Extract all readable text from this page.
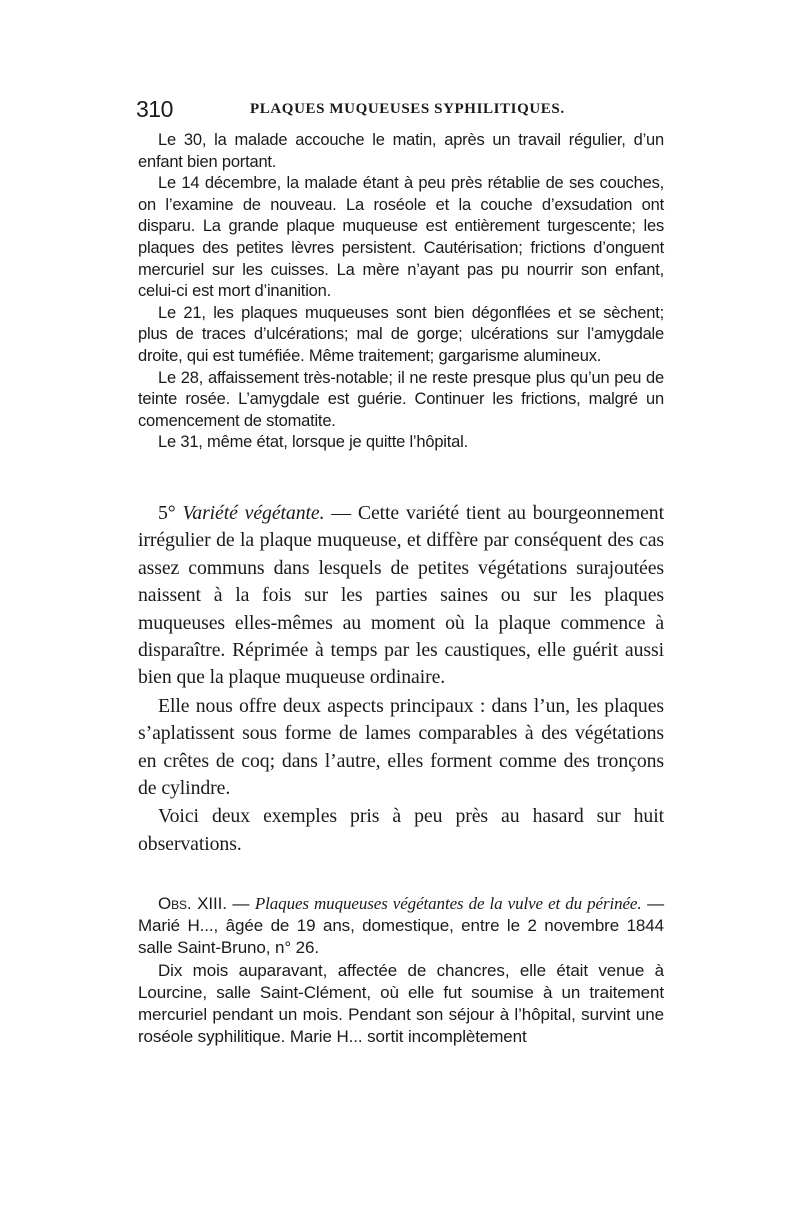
310	PLAQUES MUQUEUSES SYPHILITIQUES.

Le 30, la malade accouche le matin, après un travail régulier, d’un enfant bien portant.

Le 14 décembre, la malade étant à peu près rétablie de ses couches, on l’examine de nouveau. La roséole et la couche d’exsudation ont disparu. La grande plaque muqueuse est entièrement turgescente; les plaques des petites lèvres persistent. Cautérisation; frictions d’onguent mercuriel sur les cuisses. La mère n’ayant pas pu nourrir son enfant, celui-ci est mort d’inanition.

Le 21, les plaques muqueuses sont bien dégonflées et se sèchent; plus de traces d’ulcérations; mal de gorge; ulcérations sur l’amygdale droite, qui est tuméfiée. Même traitement; gargarisme alumineux.

Le 28, affaissement très-notable; il ne reste presque plus qu’un peu de teinte rosée. L’amygdale est guérie. Continuer les frictions, malgré un comencement de stomatite.

Le 31, même état, lorsque je quitte l’hôpital.

5° Variété végétante. — Cette variété tient au bourgeonnement irrégulier de la plaque muqueuse, et diffère par conséquent des cas assez communs dans lesquels de petites végétations surajoutées naissent à la fois sur les parties saines ou sur les plaques muqueuses elles-mêmes au moment où la plaque commence à disparaître. Réprimée à temps par les caustiques, elle guérit aussi bien que la plaque muqueuse ordinaire.

Elle nous offre deux aspects principaux : dans l’un, les plaques s’aplatissent sous forme de lames comparables à des végétations en crêtes de coq; dans l’autre, elles forment comme des tronçons de cylindre.

Voici deux exemples pris à peu près au hasard sur huit observations.

Obs. XIII. — Plaques muqueuses végétantes de la vulve et du périnée. — Marié H..., âgée de 19 ans, domestique, entre le 2 novembre 1844 salle Saint-Bruno, n° 26.

Dix mois auparavant, affectée de chancres, elle était venue à Lourcine, salle Saint-Clément, où elle fut soumise à un traitement mercuriel pendant un mois. Pendant son séjour à l’hôpital, survint une roséole syphilitique. Marie H... sortit incomplètement
